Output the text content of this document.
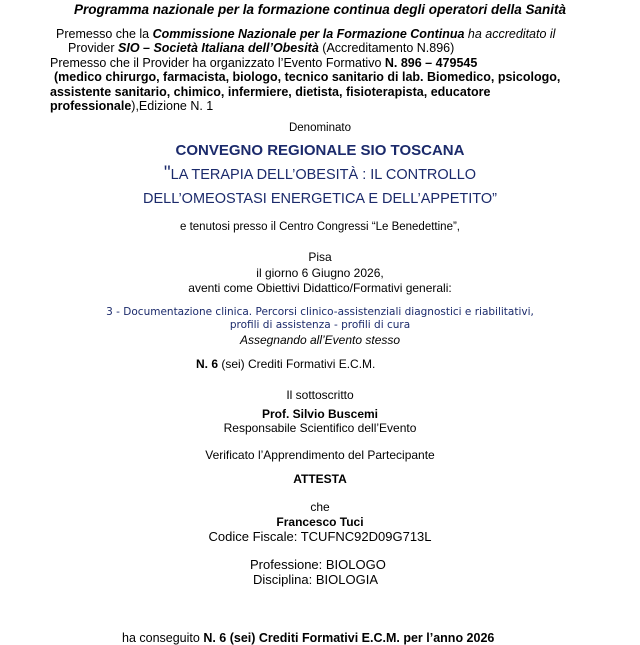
Programma nazionale per la formazione continua degli operatori della Sanità
Premesso che la Commissione Nazionale per la Formazione Continua ha accreditato il
Provider SIO – Società Italiana dell’Obesità (Accreditamento N.896)
Premesso che il Provider ha organizzato l’Evento Formativo N. 896 – 479545
(medico chirurgo, farmacista, biologo, tecnico sanitario di lab. Biomedico, psicologo,
assistente sanitario, chimico, infermiere, dietista, fisioterapista, educatore
professionale),Edizione N. 1
Denominato
CONVEGNO REGIONALE SIO TOSCANA
"LA TERAPIA DELL’OBESITÀ : IL CONTROLLO
DELL’OMEOSTASI ENERGETICA E DELL’APPETITO”
e tenutosi presso il Centro Congressi “Le Benedettine”,
Pisa
il giorno 6 Giugno 2026,
aventi come Obiettivi Didattico/Formativi generali:
3 - Documentazione clinica. Percorsi clinico-assistenziali diagnostici e riabilitativi,
profili di assistenza - profili di cura
Assegnando all’Evento stesso
N. 6 (sei) Crediti Formativi E.C.M.
Il sottoscritto
Prof. Silvio Buscemi
Responsabile Scientifico dell’Evento
Verificato l’Apprendimento del Partecipante
ATTESTA
che
Francesco Tuci
Codice Fiscale: TCUFNC92D09G713L
Professione: BIOLOGO
Disciplina: BIOLOGIA
ha conseguito N. 6 (sei) Crediti Formativi E.C.M. per l’anno 2026
